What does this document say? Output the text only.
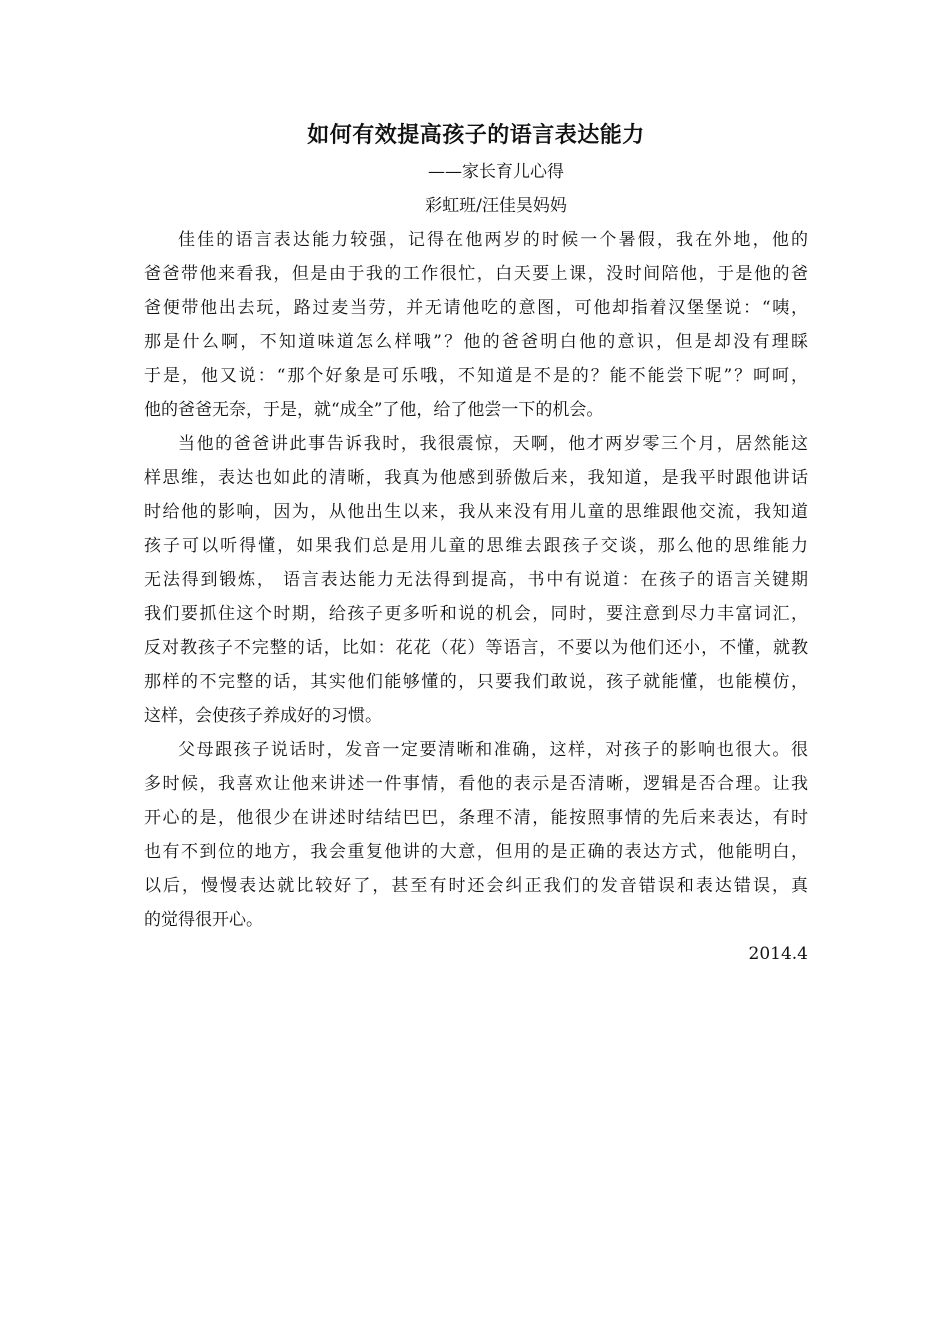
如何有效提高孩子的语言表达能力
——家长育儿心得
彩虹班/汪佳昊妈妈
佳佳的语言表达能力较强，记得在他两岁的时候一个暑假，我在外地，他的
爸爸带他来看我，但是由于我的工作很忙，白天要上课，没时间陪他，于是他的爸
爸便带他出去玩，路过麦当劳，并无请他吃的意图，可他却指着汉堡堡说：“咦，
那是什么啊，不知道味道怎么样哦”？他的爸爸明白他的意识，但是却没有理睬
于是，他又说：“那个好象是可乐哦，不知道是不是的？能不能尝下呢”？呵呵，
他的爸爸无奈，于是，就“成全”了他，给了他尝一下的机会。
当他的爸爸讲此事告诉我时，我很震惊，天啊，他才两岁零三个月，居然能这
样思维，表达也如此的清晰，我真为他感到骄傲后来，我知道，是我平时跟他讲话
时给他的影响，因为，从他出生以来，我从来没有用儿童的思维跟他交流，我知道
孩子可以听得懂，如果我们总是用儿童的思维去跟孩子交谈，那么他的思维能力
无法得到锻炼， 语言表达能力无法得到提高，书中有说道：在孩子的语言关键期
我们要抓住这个时期，给孩子更多听和说的机会，同时，要注意到尽力丰富词汇，
反对教孩子不完整的话，比如：花花（花）等语言，不要以为他们还小，不懂，就教
那样的不完整的话，其实他们能够懂的，只要我们敢说，孩子就能懂，也能模仿，
这样，会使孩子养成好的习惯。
父母跟孩子说话时，发音一定要清晰和准确，这样，对孩子的影响也很大。很
多时候，我喜欢让他来讲述一件事情，看他的表示是否清晰，逻辑是否合理。让我
开心的是，他很少在讲述时结结巴巴，条理不清，能按照事情的先后来表达，有时
也有不到位的地方，我会重复他讲的大意，但用的是正确的表达方式，他能明白，
以后，慢慢表达就比较好了，甚至有时还会纠正我们的发音错误和表达错误，真
的觉得很开心。
2014.4
